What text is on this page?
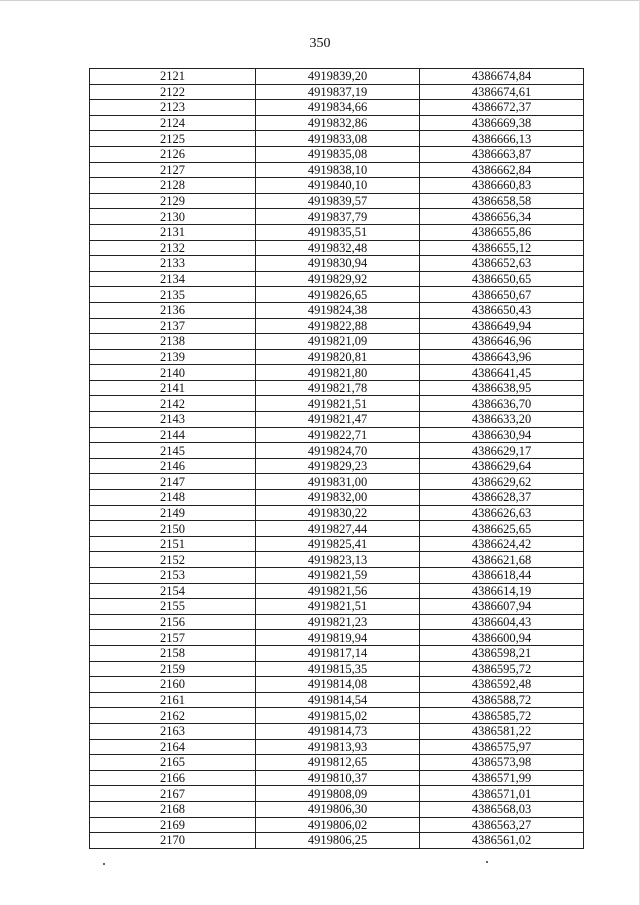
350
2121	4919839,20	4386674,84
2122	4919837,19	4386674,61
2123	4919834,66	4386672,37
2124	4919832,86	4386669,38
2125	4919833,08	4386666,13
2126	4919835,08	4386663,87
2127	4919838,10	4386662,84
2128	4919840,10	4386660,83
2129	4919839,57	4386658,58
2130	4919837,79	4386656,34
2131	4919835,51	4386655,86
2132	4919832,48	4386655,12
2133	4919830,94	4386652,63
2134	4919829,92	4386650,65
2135	4919826,65	4386650,67
2136	4919824,38	4386650,43
2137	4919822,88	4386649,94
2138	4919821,09	4386646,96
2139	4919820,81	4386643,96
2140	4919821,80	4386641,45
2141	4919821,78	4386638,95
2142	4919821,51	4386636,70
2143	4919821,47	4386633,20
2144	4919822,71	4386630,94
2145	4919824,70	4386629,17
2146	4919829,23	4386629,64
2147	4919831,00	4386629,62
2148	4919832,00	4386628,37
2149	4919830,22	4386626,63
2150	4919827,44	4386625,65
2151	4919825,41	4386624,42
2152	4919823,13	4386621,68
2153	4919821,59	4386618,44
2154	4919821,56	4386614,19
2155	4919821,51	4386607,94
2156	4919821,23	4386604,43
2157	4919819,94	4386600,94
2158	4919817,14	4386598,21
2159	4919815,35	4386595,72
2160	4919814,08	4386592,48
2161	4919814,54	4386588,72
2162	4919815,02	4386585,72
2163	4919814,73	4386581,22
2164	4919813,93	4386575,97
2165	4919812,65	4386573,98
2166	4919810,37	4386571,99
2167	4919808,09	4386571,01
2168	4919806,30	4386568,03
2169	4919806,02	4386563,27
2170	4919806,25	4386561,02
